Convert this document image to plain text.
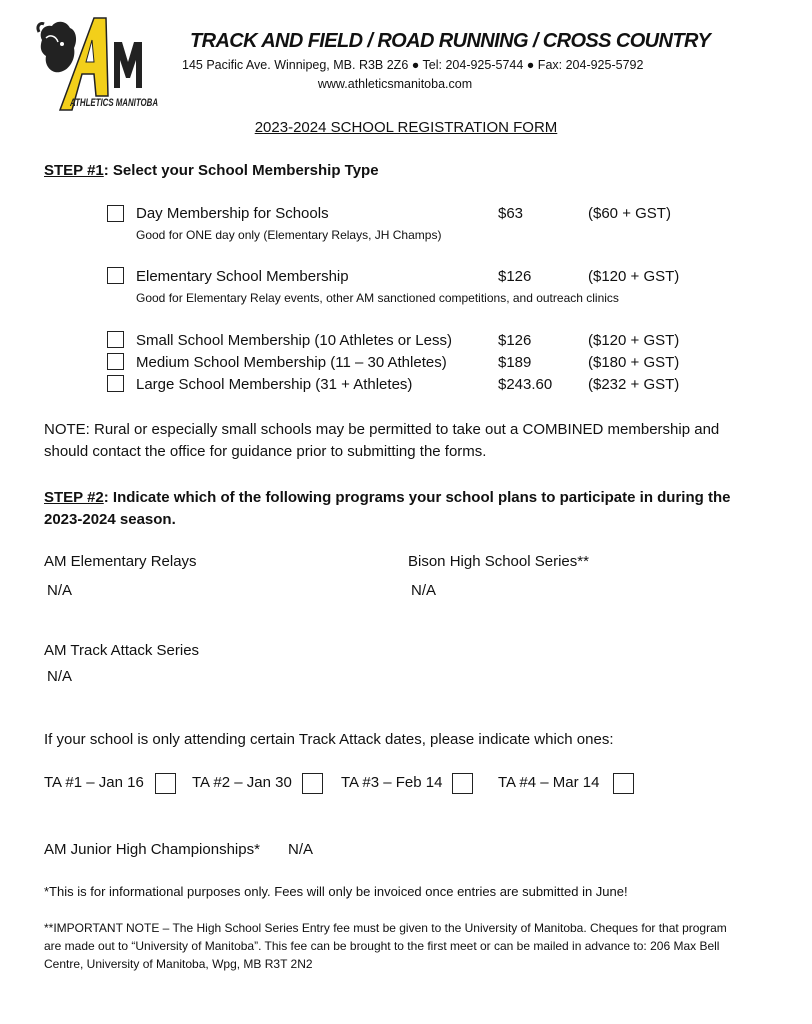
ATHLETICS MANITOBA
TRACK AND FIELD / ROAD RUNNING / CROSS COUNTRY
145 Pacific Ave. Winnipeg, MB. R3B 2Z6 ● Tel: 204-925-5744 ● Fax: 204-925-5792
www.athleticsmanitoba.com
2023-2024 SCHOOL REGISTRATION FORM
STEP #1: Select your School Membership Type
Day Membership for Schools	$63	($60 + GST)
Good for ONE day only (Elementary Relays, JH Champs)
Elementary School Membership	$126	($120 + GST)
Good for Elementary Relay events, other AM sanctioned competitions, and outreach clinics
Small School Membership (10 Athletes or Less)	$126	($120 + GST)
Medium School Membership (11 – 30 Athletes)	$189	($180 + GST)
Large School Membership (31 + Athletes)	$243.60 ($232 + GST)
NOTE: Rural or especially small schools may be permitted to take out a COMBINED membership and should contact the office for guidance prior to submitting the forms.
STEP #2: Indicate which of the following programs your school plans to participate in during the 2023-2024 season.
AM Elementary Relays
N/A
Bison High School Series**
N/A
AM Track Attack Series
N/A
If your school is only attending certain Track Attack dates, please indicate which ones:
TA #1 – Jan 16	TA #2 – Jan 30	TA #3 – Feb 14	TA #4 – Mar 14
AM Junior High Championships* N/A
*This is for informational purposes only. Fees will only be invoiced once entries are submitted in June!
**IMPORTANT NOTE – The High School Series Entry fee must be given to the University of Manitoba. Cheques for that program are made out to “University of Manitoba”. This fee can be brought to the first meet or can be mailed in advance to: 206 Max Bell Centre, University of Manitoba, Wpg, MB R3T 2N2
